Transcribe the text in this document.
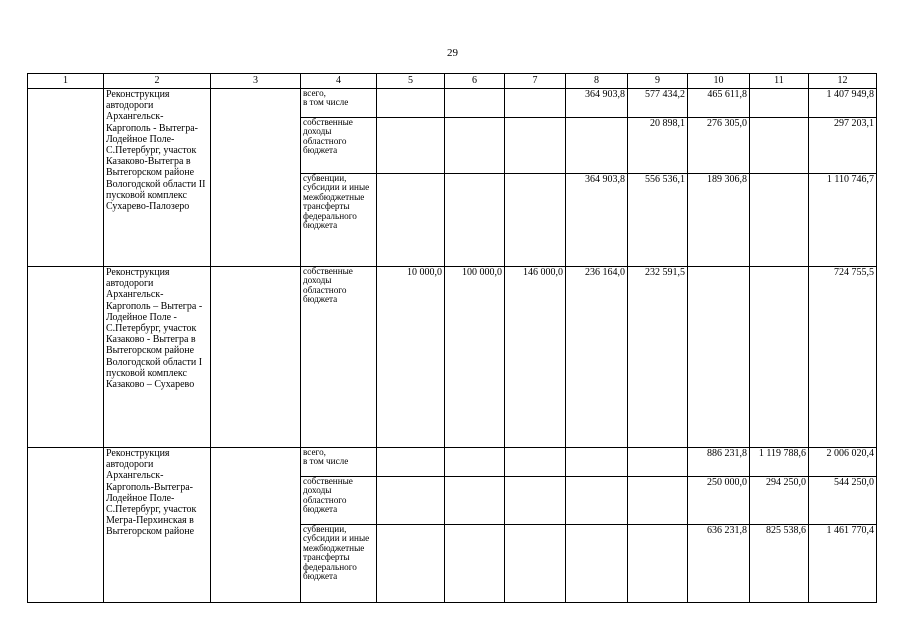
29
1	2	3	4	5	6	7	8	9	10	11	12
	Реконструкция автодороги Архангельск-Каргополь - Вытегра-Лодейное Поле-С.Петербург, участок Казаково-Вытегра в Вытегорском районе Вологодской области II пусковой комплекс Сухарево-Палозеро		всего,
в том числе				364 903,8	577 434,2	465 611,8		1 407 949,8
			собственные доходы областного бюджета					20 898,1	276 305,0		297 203,1
			субвенции, субсидии и иные межбюджетные трансферты федерального бюджета				364 903,8	556 536,1	189 306,8		1 110 746,7
	Реконструкция автодороги Архангельск-Каргополь – Вытегра - Лодейное Поле - С.Петербург, участок Казаково - Вытегра в Вытегорском районе Вологодской области I пусковой комплекс Казаково – Сухарево		собственные доходы областного бюджета	10 000,0	100 000,0	146 000,0	236 164,0	232 591,5			724 755,5
	Реконструкция автодороги Архангельск-Каргополь-Вытегра-Лодейное Поле-С.Петербург, участок Мегра-Перхинская в Вытегорском районе		всего,
в том числе						886 231,8	1 119 788,6	2 006 020,4
			собственные доходы областного бюджета						250 000,0	294 250,0	544 250,0
			субвенции, субсидии и иные межбюджетные трансферты федерального бюджета						636 231,8	825 538,6	1 461 770,4
